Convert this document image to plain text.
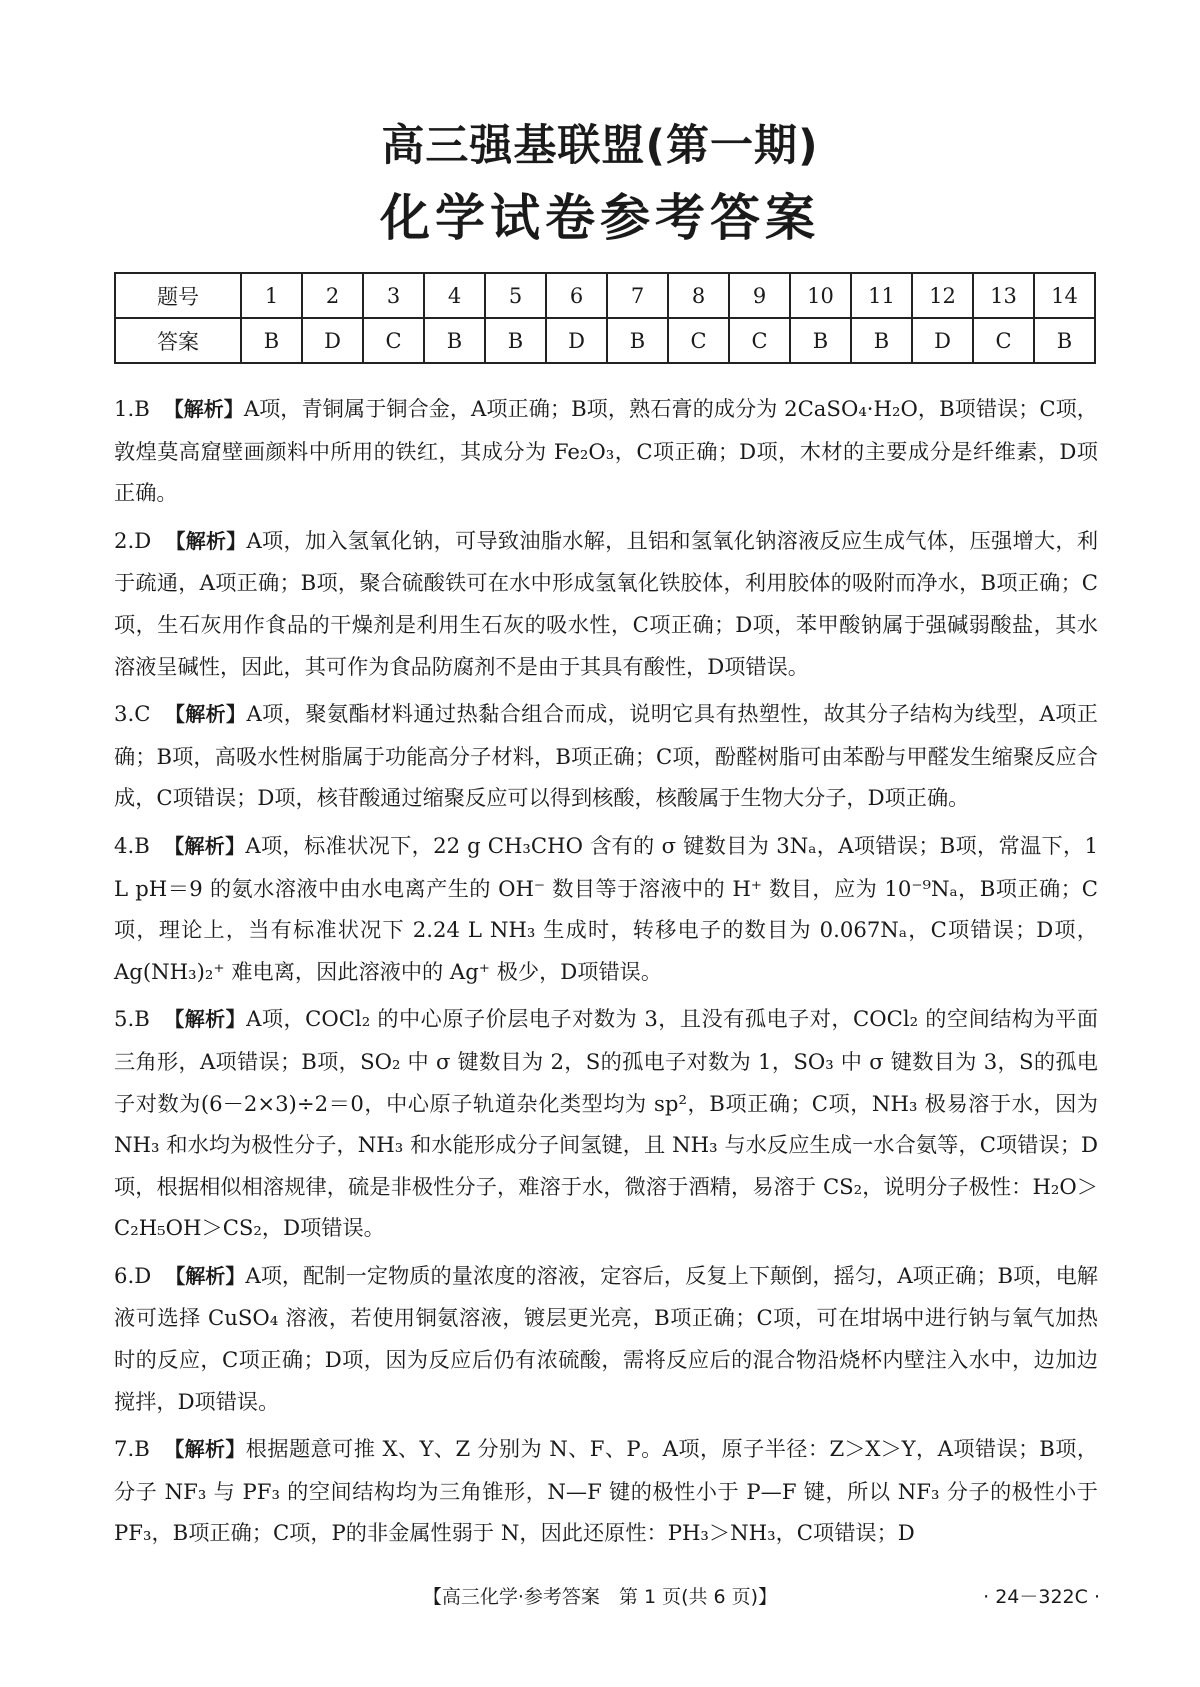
高三强基联盟(第一期)
化学试卷参考答案
题号	1	2	3	4	5	6	7	8	9	10	11	12	13	14
答案	B	D	C	B	B	D	B	C	C	B	B	D	C	B

1.B 【解析】A项，青铜属于铜合金，A项正确；B项，熟石膏的成分为 2CaSO₄·H₂O，B项错误；C项，敦煌莫高窟壁画颜料中所用的铁红，其成分为 Fe₂O₃，C项正确；D项，木材的主要成分是纤维素，D项正确。

2.D 【解析】A项，加入氢氧化钠，可导致油脂水解，且铝和氢氧化钠溶液反应生成气体，压强增大，利于疏通，A项正确；B项，聚合硫酸铁可在水中形成氢氧化铁胶体，利用胶体的吸附而净水，B项正确；C项，生石灰用作食品的干燥剂是利用生石灰的吸水性，C项正确；D项，苯甲酸钠属于强碱弱酸盐，其水溶液呈碱性，因此，其可作为食品防腐剂不是由于其具有酸性，D项错误。

3.C 【解析】A项，聚氨酯材料通过热黏合组合而成，说明它具有热塑性，故其分子结构为线型，A项正确；B项，高吸水性树脂属于功能高分子材料，B项正确；C项，酚醛树脂可由苯酚与甲醛发生缩聚反应合成，C项错误；D项，核苷酸通过缩聚反应可以得到核酸，核酸属于生物大分子，D项正确。

4.B 【解析】A项，标准状况下，22 g CH₃CHO 含有的 σ 键数目为 3Nₐ，A项错误；B项，常温下，1 L pH＝9 的氨水溶液中由水电离产生的 OH⁻ 数目等于溶液中的 H⁺ 数目，应为 10⁻⁹Nₐ，B项正确；C项，理论上，当有标准状况下 2.24 L NH₃ 生成时，转移电子的数目为 0.067Nₐ，C项错误；D项，Ag(NH₃)₂⁺ 难电离，因此溶液中的 Ag⁺ 极少，D项错误。

5.B 【解析】A项，COCl₂ 的中心原子价层电子对数为 3，且没有孤电子对，COCl₂ 的空间结构为平面三角形，A项错误；B项，SO₂ 中 σ 键数目为 2，S的孤电子对数为 1，SO₃ 中 σ 键数目为 3，S的孤电子对数为(6－2×3)÷2＝0，中心原子轨道杂化类型均为 sp²，B项正确；C项，NH₃ 极易溶于水，因为 NH₃ 和水均为极性分子，NH₃ 和水能形成分子间氢键，且 NH₃ 与水反应生成一水合氨等，C项错误；D项，根据相似相溶规律，硫是非极性分子，难溶于水，微溶于酒精，易溶于 CS₂，说明分子极性：H₂O＞C₂H₅OH＞CS₂，D项错误。

6.D 【解析】A项，配制一定物质的量浓度的溶液，定容后，反复上下颠倒，摇匀，A项正确；B项，电解液可选择 CuSO₄ 溶液，若使用铜氨溶液，镀层更光亮，B项正确；C项，可在坩埚中进行钠与氧气加热时的反应，C项正确；D项，因为反应后仍有浓硫酸，需将反应后的混合物沿烧杯内壁注入水中，边加边搅拌，D项错误。

7.B 【解析】根据题意可推 X、Y、Z 分别为 N、F、P。A项，原子半径：Z＞X＞Y，A项错误；B项，分子 NF₃ 与 PF₃ 的空间结构均为三角锥形，N—F 键的极性小于 P—F 键，所以 NF₃ 分子的极性小于 PF₃，B项正确；C项，P的非金属性弱于 N，因此还原性：PH₃＞NH₃，C项错误；D

【高三化学·参考答案　第 1 页(共 6 页)】	· 24－322C ·
